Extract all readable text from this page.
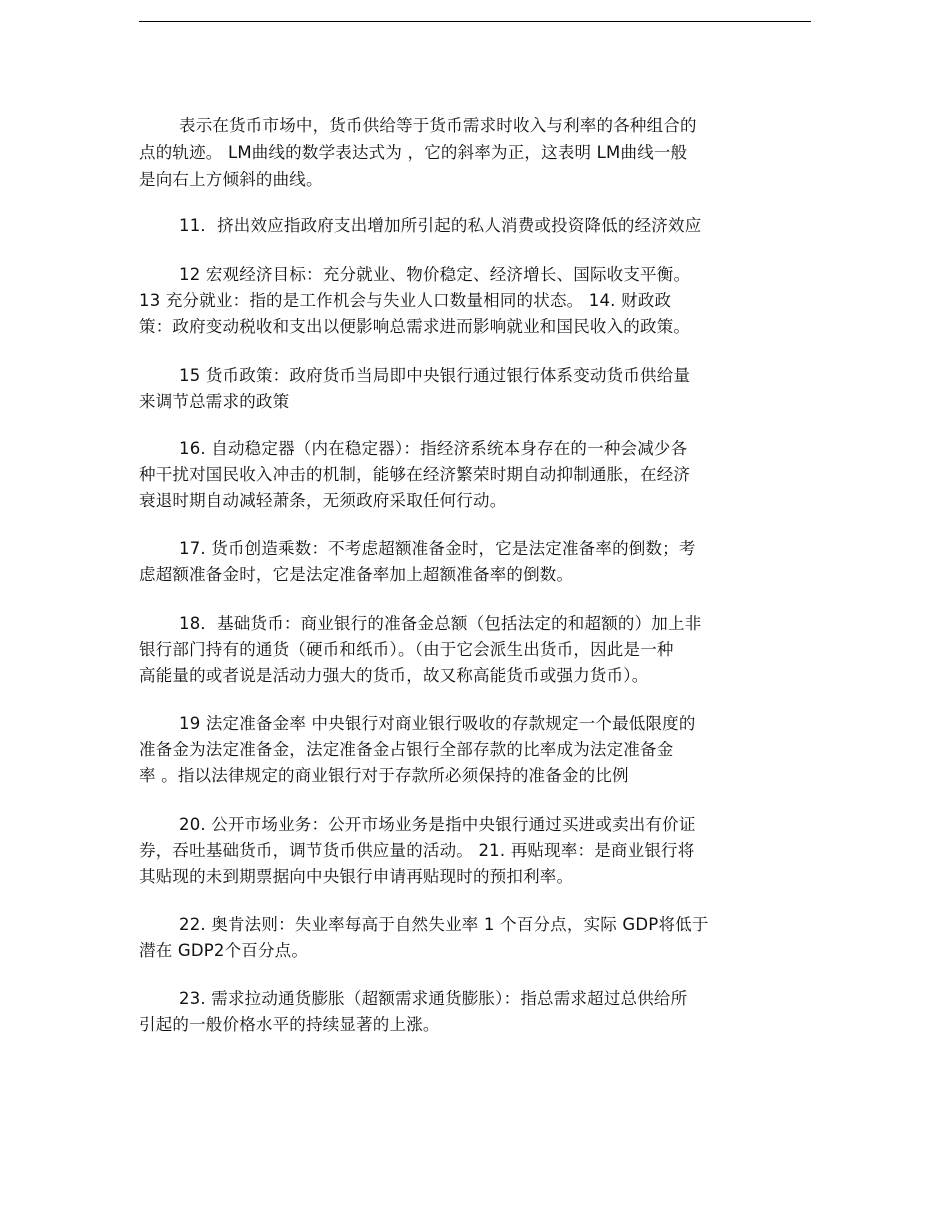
表示在货币市场中，货币供给等于货币需求时收入与利率的各种组合的
点的轨迹。 LM曲线的数学表达式为 ，它的斜率为正，这表明 LM曲线一般
是向右上方倾斜的曲线。
11．挤出效应指政府支出增加所引起的私人消费或投资降低的经济效应
12 宏观经济目标：充分就业、物价稳定、经济增长、国际收支平衡。
13 充分就业：指的是工作机会与失业人口数量相同的状态。 14. 财政政
策：政府变动税收和支出以便影响总需求进而影响就业和国民收入的政策。
15 货币政策：政府货币当局即中央银行通过银行体系变动货币供给量
来调节总需求的政策
16. 自动稳定器（内在稳定器）：指经济系统本身存在的一种会减少各
种干扰对国民收入冲击的机制，能够在经济繁荣时期自动抑制通胀，在经济
衰退时期自动减轻萧条，无须政府采取任何行动。
17. 货币创造乘数：不考虑超额准备金时，它是法定准备率的倒数；考
虑超额准备金时，它是法定准备率加上超额准备率的倒数。
18．基础货币：商业银行的准备金总额（包括法定的和超额的）加上非
银行部门持有的通货（硬币和纸币）。（由于它会派生出货币，因此是一种
高能量的或者说是活动力强大的货币，故又称高能货币或强力货币）。
19 法定准备金率 中央银行对商业银行吸收的存款规定一个最低限度的
准备金为法定准备金，法定准备金占银行全部存款的比率成为法定准备金
率 。指以法律规定的商业银行对于存款所必须保持的准备金的比例
20. 公开市场业务：公开市场业务是指中央银行通过买进或卖出有价证
券，吞吐基础货币，调节货币供应量的活动。 21. 再贴现率：是商业银行将
其贴现的未到期票据向中央银行申请再贴现时的预扣利率。
22. 奥肯法则：失业率每高于自然失业率 1 个百分点，实际 GDP将低于
潜在 GDP2个百分点。
23. 需求拉动通货膨胀（超额需求通货膨胀）：指总需求超过总供给所
引起的一般价格水平的持续显著的上涨。
